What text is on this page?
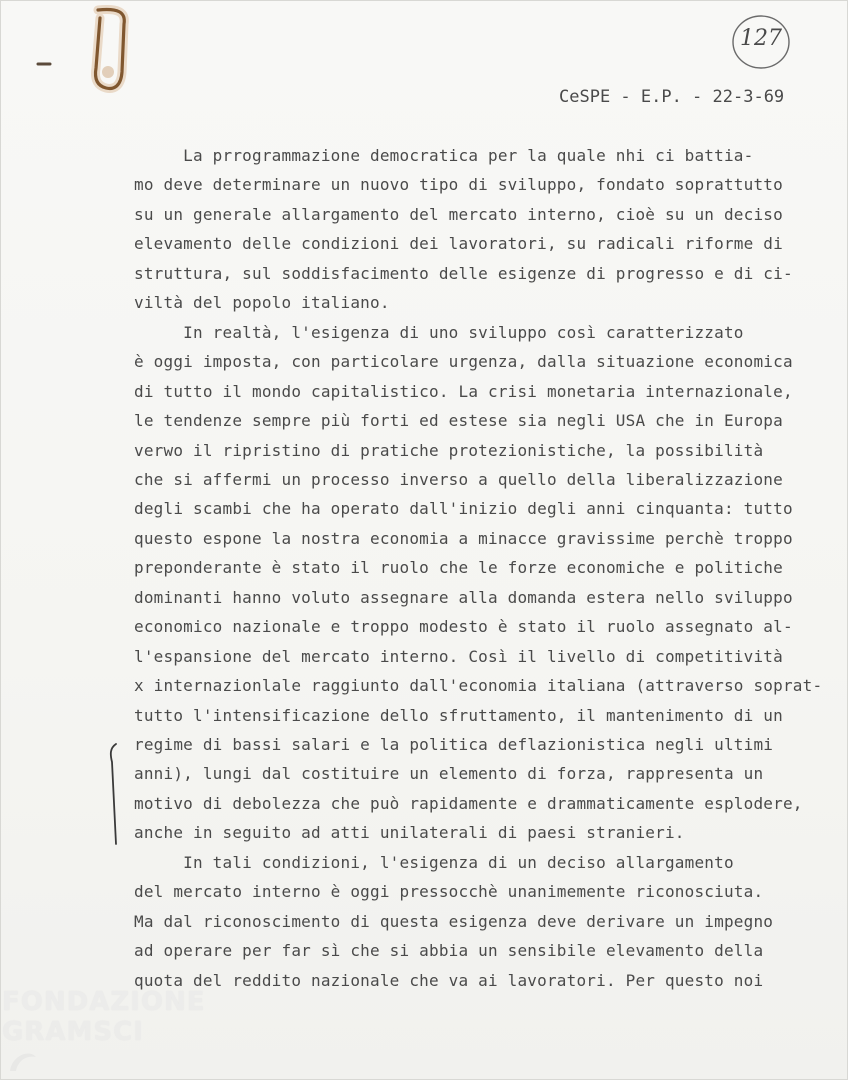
127
CeSPE - E.P. - 22-3-69
La prrogrammazione democratica per la quale nhi ci battia-
mo deve determinare un nuovo tipo di sviluppo, fondato soprattutto
su un generale allargamento del mercato interno, cioè su un deciso
elevamento delle condizioni dei lavoratori, su radicali riforme di
struttura, sul soddisfacimento delle esigenze di progresso e di ci-
viltà del popolo italiano.
In realtà, l'esigenza di uno sviluppo così caratterizzato
è oggi imposta, con particolare urgenza, dalla situazione economica
di tutto il mondo capitalistico. La crisi monetaria internazionale,
le tendenze sempre più forti ed estese sia negli USA che in Europa
verwo il ripristino di pratiche protezionistiche, la possibilità
che si affermi un processo inverso a quello della liberalizzazione
degli scambi che ha operato dall'inizio degli anni cinquanta: tutto
questo espone la nostra economia a minacce gravissime perchè troppo
preponderante è stato il ruolo che le forze economiche e politiche
dominanti hanno voluto assegnare alla domanda estera nello sviluppo
economico nazionale e troppo modesto è stato il ruolo assegnato al-
l'espansione del mercato interno. Così il livello di competitività
x internazionlale raggiunto dall'economia italiana (attraverso soprat-
tutto l'intensificazione dello sfruttamento, il mantenimento di un
regime di bassi salari e la politica deflazionistica negli ultimi
anni), lungi dal costituire un elemento di forza, rappresenta un
motivo di debolezza che può rapidamente e drammaticamente esplodere,
anche in seguito ad atti unilaterali di paesi stranieri.
In tali condizioni, l'esigenza di un deciso allargamento
del mercato interno è oggi pressocchè unanimemente riconosciuta.
Ma dal riconoscimento di questa esigenza deve derivare un impegno
ad operare per far sì che si abbia un sensibile elevamento della
quota del reddito nazionale che va ai lavoratori. Per questo noi
FONDAZIONE
GRAMSCI
